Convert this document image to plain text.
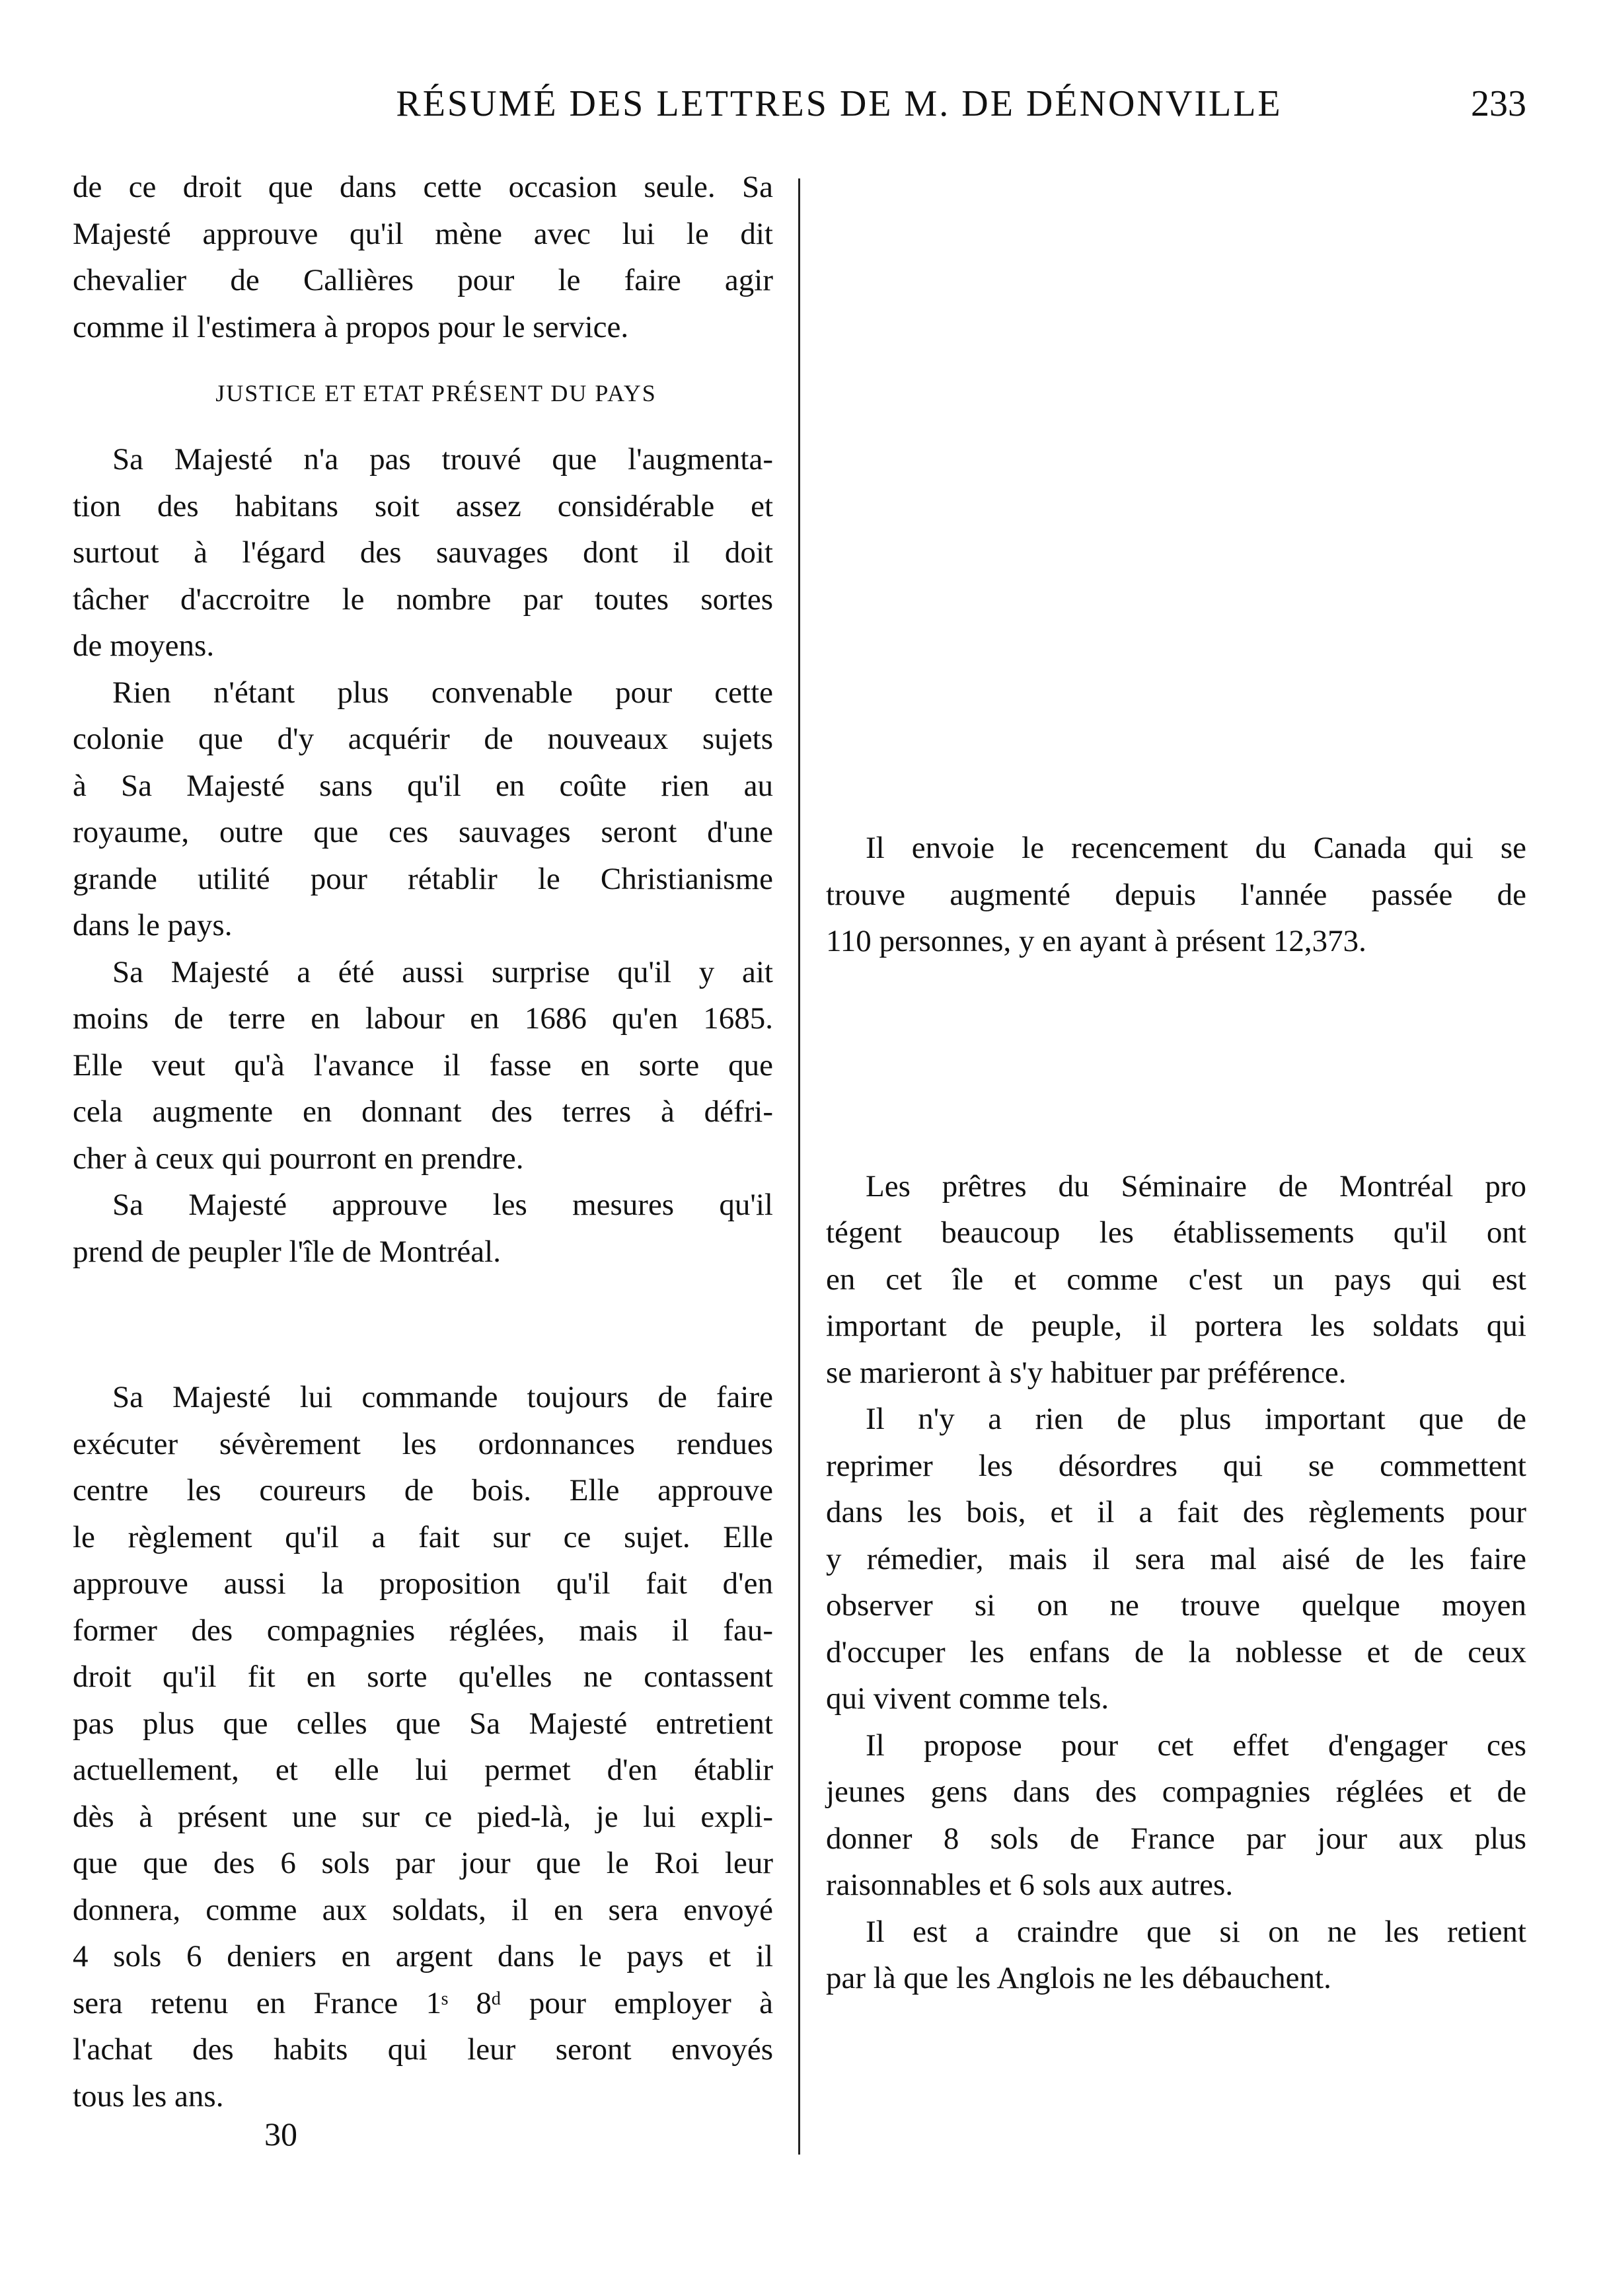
RÉSUMÉ DES LETTRES DE M. DE DÉNONVILLE	233

de ce droit que dans cette occasion seule. Sa
Majesté approuve qu'il mène avec lui le dit
chevalier de Callières pour le faire agir
comme il l'estimera à propos pour le service.

JUSTICE ET ETAT PRÉSENT DU PAYS

Sa Majesté n'a pas trouvé que l'augmenta-
tion des habitans soit assez considérable et
surtout à l'égard des sauvages dont il doit
tâcher d'accroitre le nombre par toutes sortes
de moyens.

Rien n'étant plus convenable pour cette
colonie que d'y acquérir de nouveaux sujets
à Sa Majesté sans qu'il en coûte rien au
royaume, outre que ces sauvages seront d'une
grande utilité pour rétablir le Christianisme
dans le pays.

Sa Majesté a été aussi surprise qu'il y ait
moins de terre en labour en 1686 qu'en 1685.
Elle veut qu'à l'avance il fasse en sorte que
cela augmente en donnant des terres à défri-
cher à ceux qui pourront en prendre.

Sa Majesté approuve les mesures qu'il
prend de peupler l'île de Montréal.

Sa Majesté lui commande toujours de faire
exécuter sévèrement les ordonnances rendues
centre les coureurs de bois. Elle approuve
le règlement qu'il a fait sur ce sujet. Elle
approuve aussi la proposition qu'il fait d'en
former des compagnies réglées, mais il fau-
droit qu'il fit en sorte qu'elles ne contassent
pas plus que celles que Sa Majesté entretient
actuellement, et elle lui permet d'en établir
dès à présent une sur ce pied-là, je lui expli-
que que des 6 sols par jour que le Roi leur
donnera, comme aux soldats, il en sera envoyé
4 sols 6 deniers en argent dans le pays et il
sera retenu en France 1ˢ 8ᵈ pour employer à
l'achat des habits qui leur seront envoyés
tous les ans.

30

Il envoie le recencement du Canada qui se
trouve augmenté depuis l'année passée de
110 personnes, y en ayant à présent 12,373.

Les prêtres du Séminaire de Montréal pro
tégent beaucoup les établissements qu'il ont
en cet île et comme c'est un pays qui est
important de peuple, il portera les soldats qui
se marieront à s'y habituer par préférence.

Il n'y a rien de plus important que de
reprimer les désordres qui se commettent
dans les bois, et il a fait des règlements pour
y rémedier, mais il sera mal aisé de les faire
observer si on ne trouve quelque moyen
d'occuper les enfans de la noblesse et de ceux
qui vivent comme tels.

Il propose pour cet effet d'engager ces
jeunes gens dans des compagnies réglées et de
donner 8 sols de France par jour aux plus
raisonnables et 6 sols aux autres.

Il est a craindre que si on ne les retient
par là que les Anglois ne les débauchent.
